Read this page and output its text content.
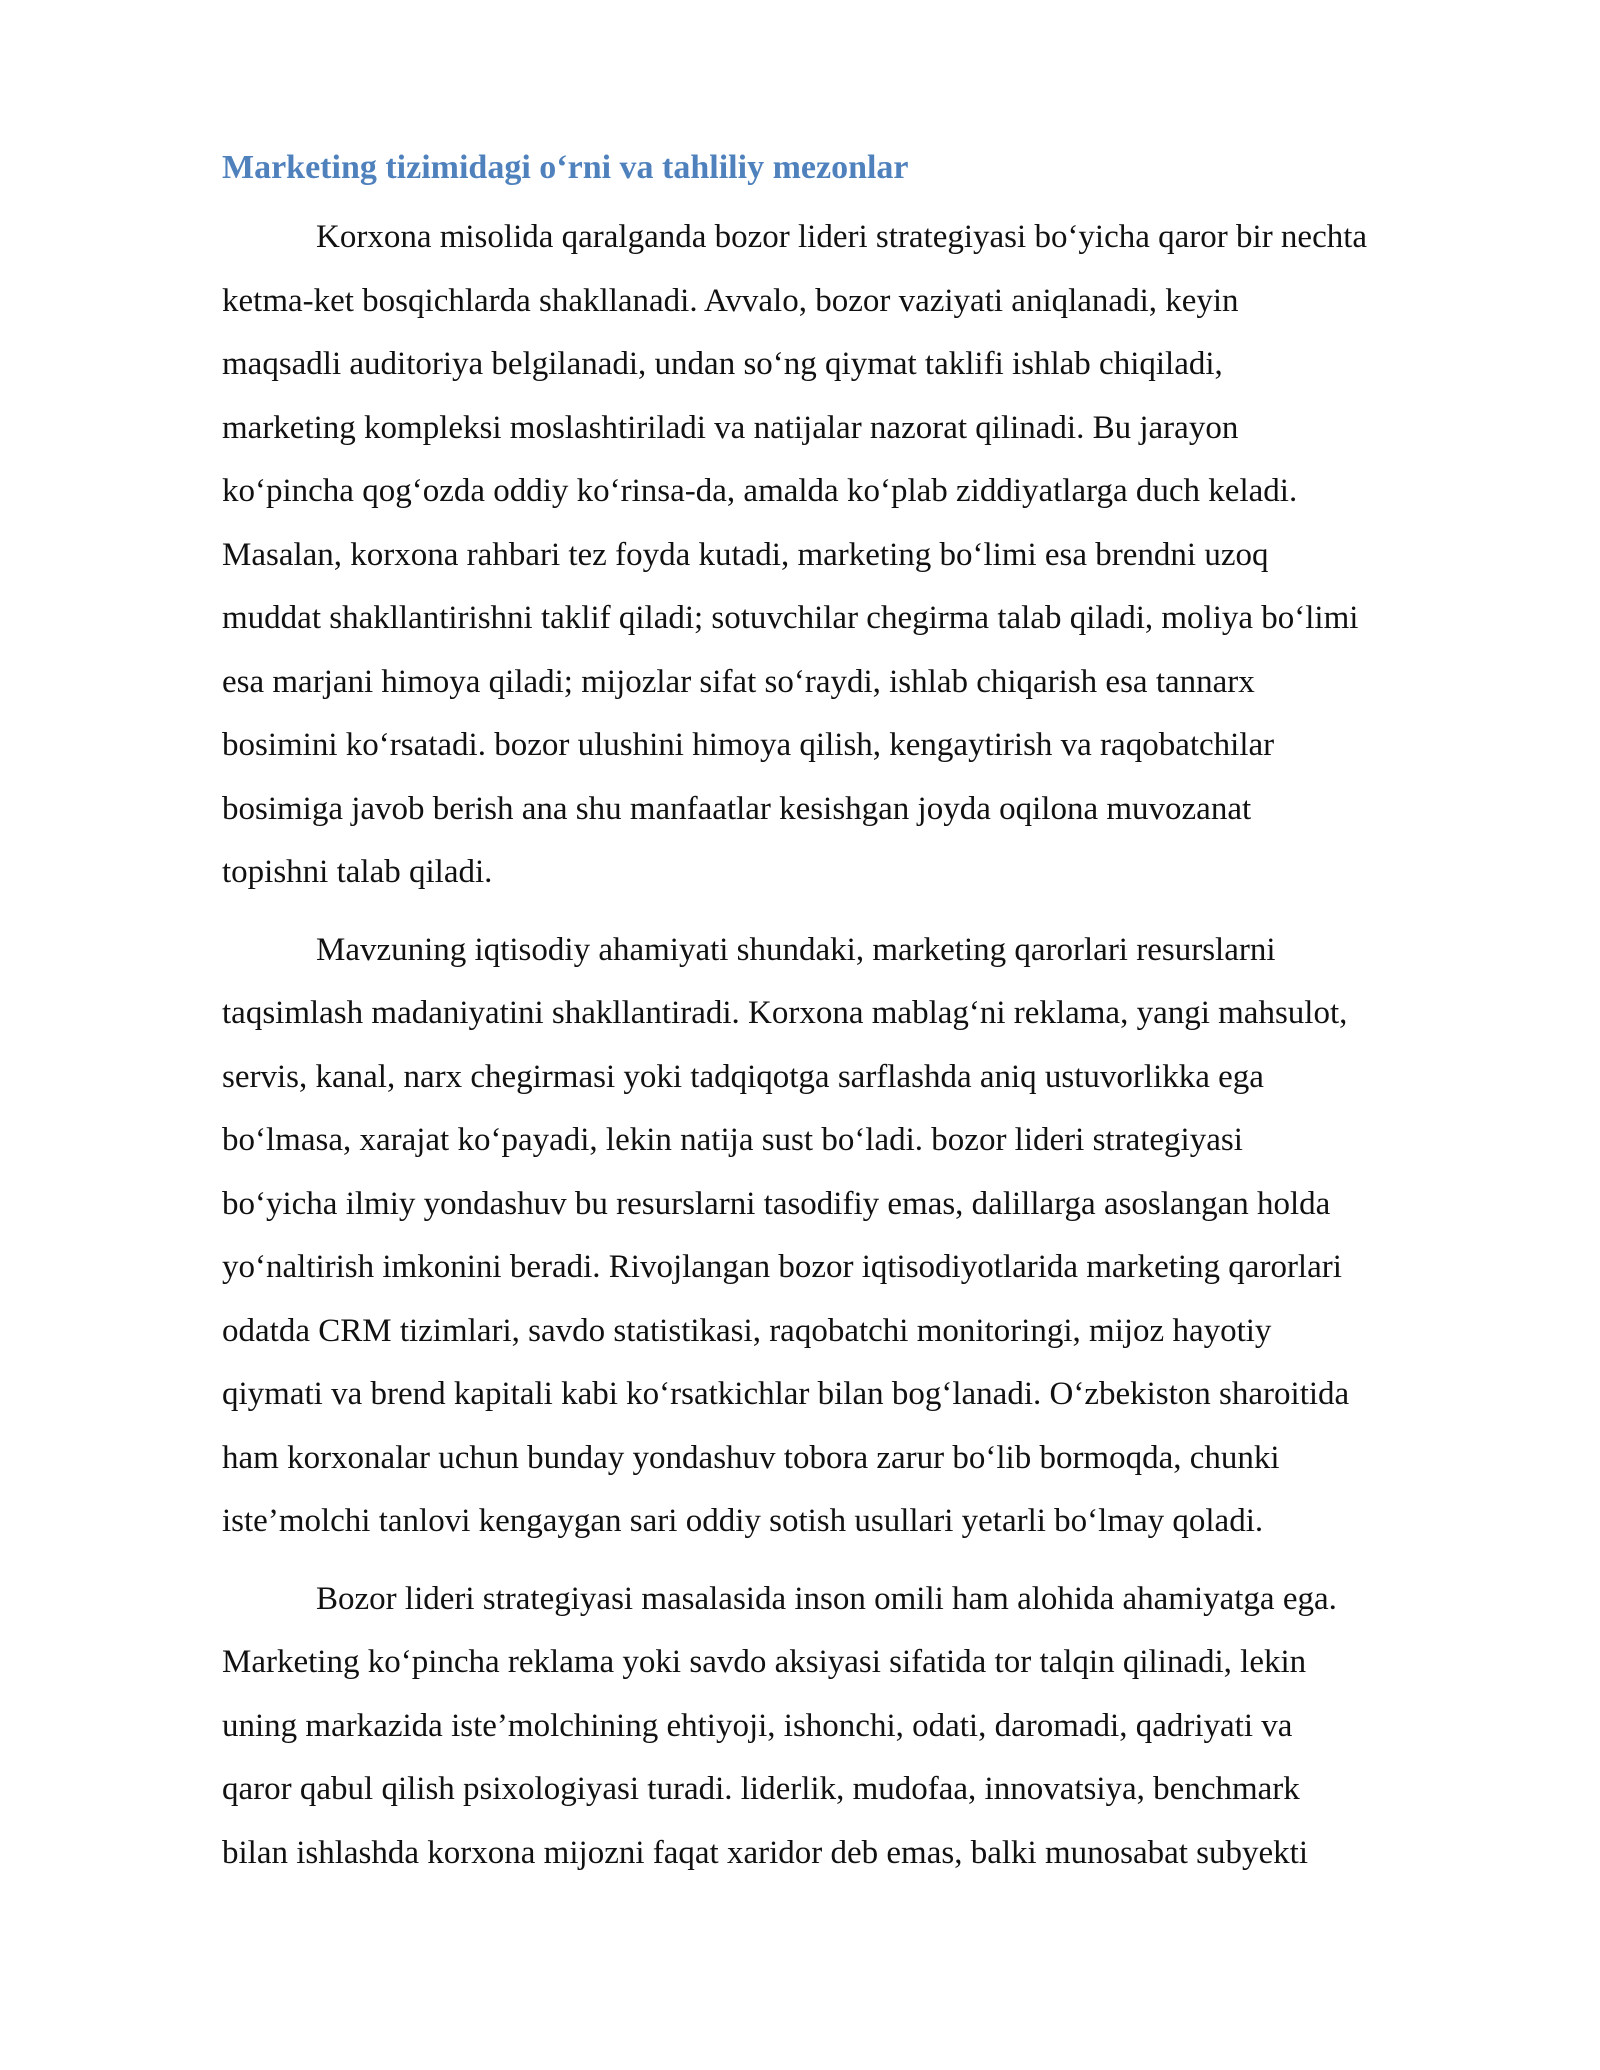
Marketing tizimidagi o‘rni va tahliliy mezonlar
Korxona misolida qaralganda bozor lideri strategiyasi bo‘yicha qaror bir nechta
ketma-ket bosqichlarda shakllanadi. Avvalo, bozor vaziyati aniqlanadi, keyin
maqsadli auditoriya belgilanadi, undan so‘ng qiymat taklifi ishlab chiqiladi,
marketing kompleksi moslashtiriladi va natijalar nazorat qilinadi. Bu jarayon
ko‘pincha qog‘ozda oddiy ko‘rinsa-da, amalda ko‘plab ziddiyatlarga duch keladi.
Masalan, korxona rahbari tez foyda kutadi, marketing bo‘limi esa brendni uzoq
muddat shakllantirishni taklif qiladi; sotuvchilar chegirma talab qiladi, moliya bo‘limi
esa marjani himoya qiladi; mijozlar sifat so‘raydi, ishlab chiqarish esa tannarx
bosimini ko‘rsatadi. bozor ulushini himoya qilish, kengaytirish va raqobatchilar
bosimiga javob berish ana shu manfaatlar kesishgan joyda oqilona muvozanat
topishni talab qiladi.
Mavzuning iqtisodiy ahamiyati shundaki, marketing qarorlari resurslarni
taqsimlash madaniyatini shakllantiradi. Korxona mablag‘ni reklama, yangi mahsulot,
servis, kanal, narx chegirmasi yoki tadqiqotga sarflashda aniq ustuvorlikka ega
bo‘lmasa, xarajat ko‘payadi, lekin natija sust bo‘ladi. bozor lideri strategiyasi
bo‘yicha ilmiy yondashuv bu resurslarni tasodifiy emas, dalillarga asoslangan holda
yo‘naltirish imkonini beradi. Rivojlangan bozor iqtisodiyotlarida marketing qarorlari
odatda CRM tizimlari, savdo statistikasi, raqobatchi monitoringi, mijoz hayotiy
qiymati va brend kapitali kabi ko‘rsatkichlar bilan bog‘lanadi. O‘zbekiston sharoitida
ham korxonalar uchun bunday yondashuv tobora zarur bo‘lib bormoqda, chunki
iste’molchi tanlovi kengaygan sari oddiy sotish usullari yetarli bo‘lmay qoladi.
Bozor lideri strategiyasi masalasida inson omili ham alohida ahamiyatga ega.
Marketing ko‘pincha reklama yoki savdo aksiyasi sifatida tor talqin qilinadi, lekin
uning markazida iste’molchining ehtiyoji, ishonchi, odati, daromadi, qadriyati va
qaror qabul qilish psixologiyasi turadi. liderlik, mudofaa, innovatsiya, benchmark
bilan ishlashda korxona mijozni faqat xaridor deb emas, balki munosabat subyekti
